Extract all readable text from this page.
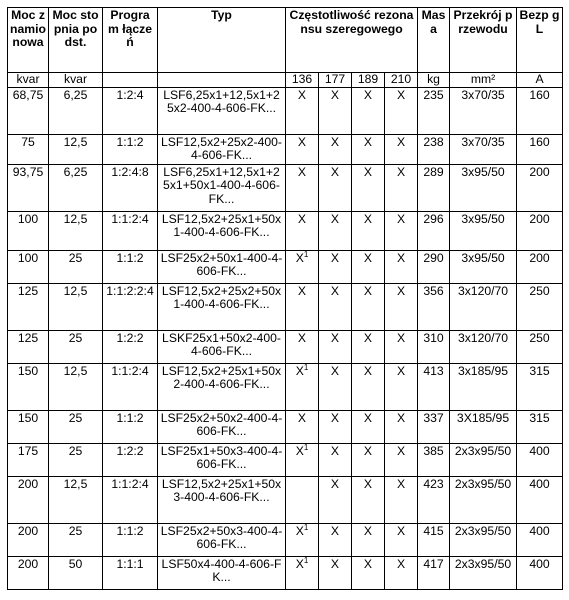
Moc znamionowa	Moc stopnia podst.	Program łączeń	Typ	Częstotliwość rezonansu szeregowego				Masa	Przekrój przewodu	Bezp gL
kvar	kvar			136	177	189	210	kg	mm²	A
68,75	6,25	1:2:4	LSF6,25x1+12,5x1+25x2-400-4-606-FK...	X	X	X	X	235	3x70/35	160
75	12,5	1:1:2	LSF12,5x2+25x2-400-4-606-FK...	X	X	X	X	238	3x70/35	160
93,75	6,25	1:2:4:8	LSF6,25x1+12,5x1+25x1+50x1-400-4-606-FK...	X	X	X	X	289	3x95/50	200
100	12,5	1:1:2:4	LSF12,5x2+25x1+50x1-400-4-606-FK...	X	X	X	X	296	3x95/50	200
100	25	1:1:2	LSF25x2+50x1-400-4-606-FK...	$X^1$	X	X	X	290	3x95/50	200
125	12,5	1:1:2:2:4	LSF12,5x2+25x2+50x1-400-4-606-FK...	X	X	X	X	356	3x120/70	250
125	25	1:2:2	LSKF25x1+50x2-400-4-606-FK...	X	X	X	X	310	3x120/70	250
150	12,5	1:1:2:4	LSF12,5x2+25x1+50x2-400-4-606-FK...	$X^1$	X	X	X	413	3x185/95	315
150	25	1:1:2	LSF25x2+50x2-400-4-606-FK...	X	X	X	X	337	3X185/95	315
175	25	1:2:2	LSF25x1+50x3-400-4-606-FK...	$X^1$	X	X	X	385	2x3x95/50	400
200	12,5	1:1:2:4	LSF12,5x2+25x1+50x3-400-4-606-FK...		X	X	X	423	2x3x95/50	400
200	25	1:1:2	LSF25x2+50x3-400-4-606-FK...	$X^1$	X	X	X	415	2x3x95/50	400
200	50	1:1:1	LSF50x4-400-4-606-FK...	$X^1$	X	X	X	417	2x3x95/50	400
